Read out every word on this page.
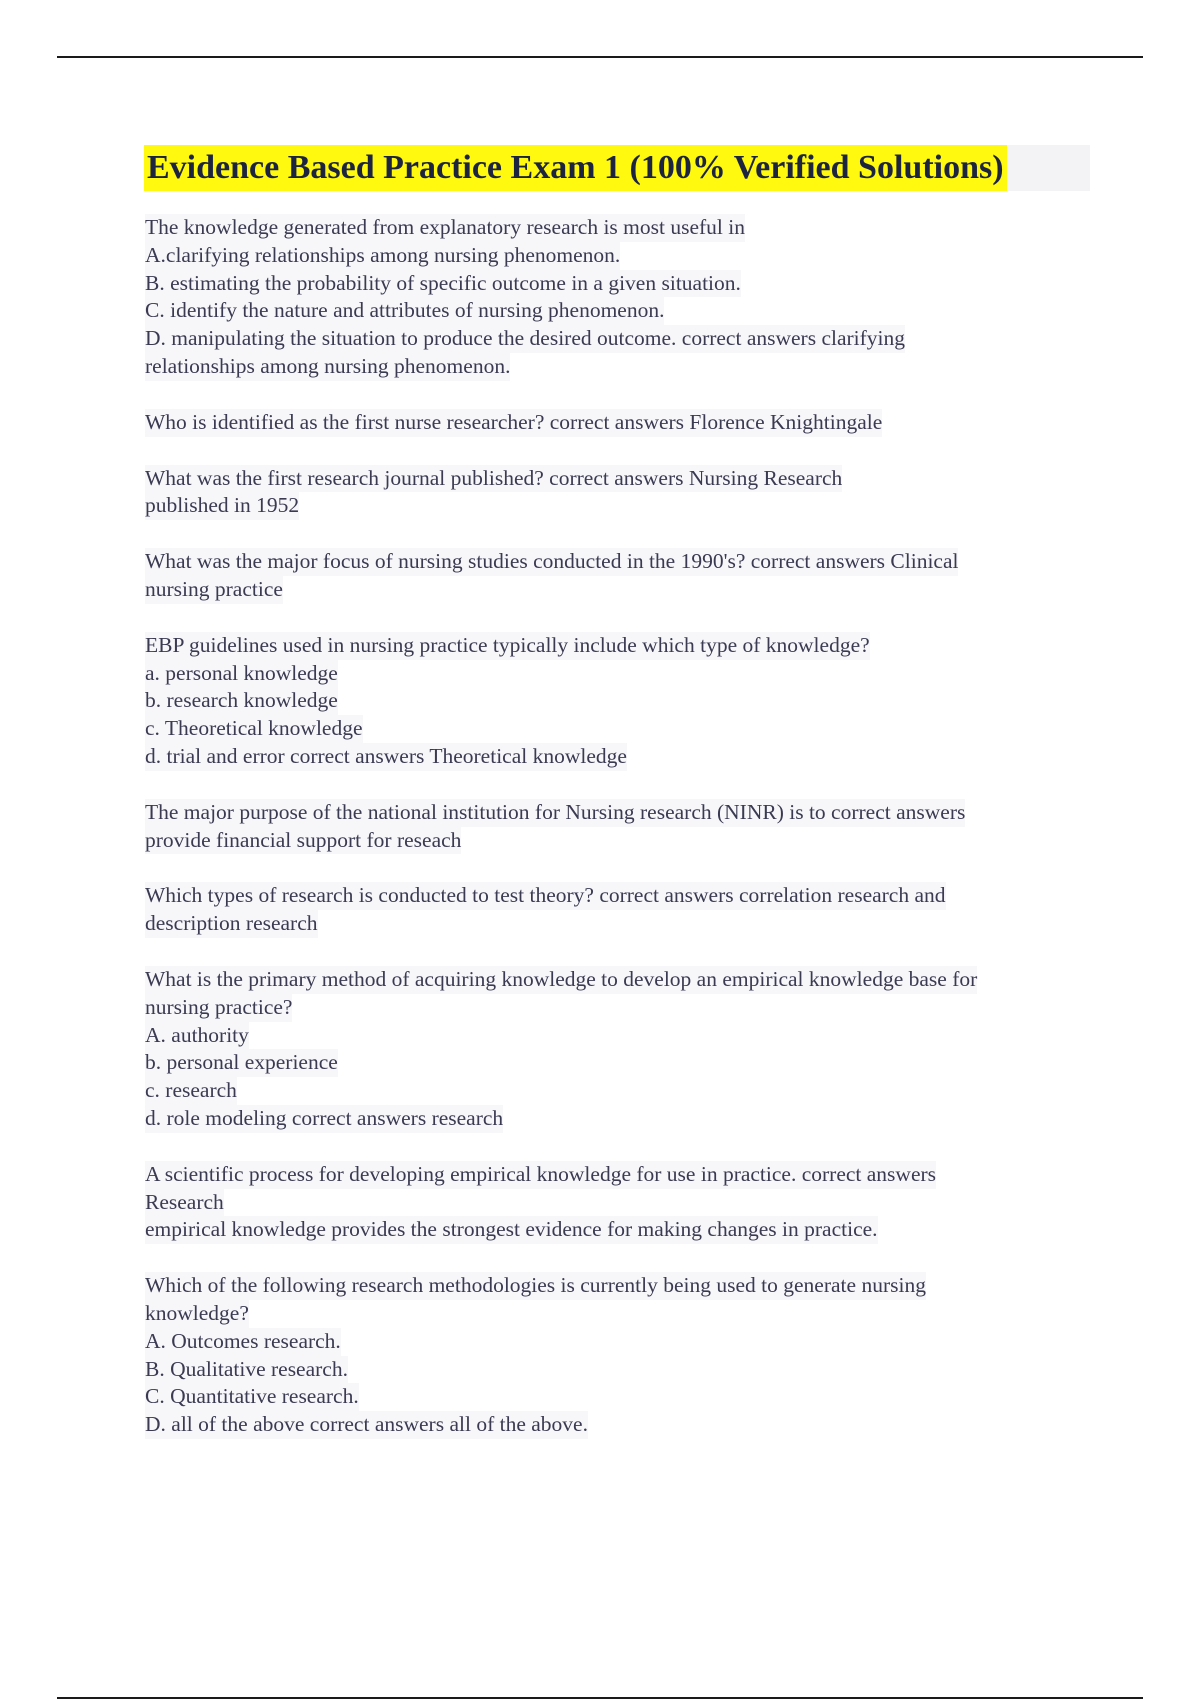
Evidence Based Practice Exam 1 (100% Verified Solutions)
The knowledge generated from explanatory research is most useful in
A.clarifying relationships among nursing phenomenon.
B. estimating the probability of specific outcome in a given situation.
C. identify the nature and attributes of nursing phenomenon.
D. manipulating the situation to produce the desired outcome. correct answers clarifying
relationships among nursing phenomenon.
Who is identified as the first nurse researcher? correct answers Florence Knightingale
What was the first research journal published? correct answers Nursing Research
published in 1952
What was the major focus of nursing studies conducted in the 1990's? correct answers Clinical
nursing practice
EBP guidelines used in nursing practice typically include which type of knowledge?
a. personal knowledge
b. research knowledge
c. Theoretical knowledge
d. trial and error correct answers Theoretical knowledge
The major purpose of the national institution for Nursing research (NINR) is to correct answers
provide financial support for reseach
Which types of research is conducted to test theory? correct answers correlation research and
description research
What is the primary method of acquiring knowledge to develop an empirical knowledge base for
nursing practice?
A. authority
b. personal experience
c. research
d. role modeling correct answers research
A scientific process for developing empirical knowledge for use in practice. correct answers
Research
empirical knowledge provides the strongest evidence for making changes in practice.
Which of the following research methodologies is currently being used to generate nursing
knowledge?
A. Outcomes research.
B. Qualitative research.
C. Quantitative research.
D. all of the above correct answers all of the above.
